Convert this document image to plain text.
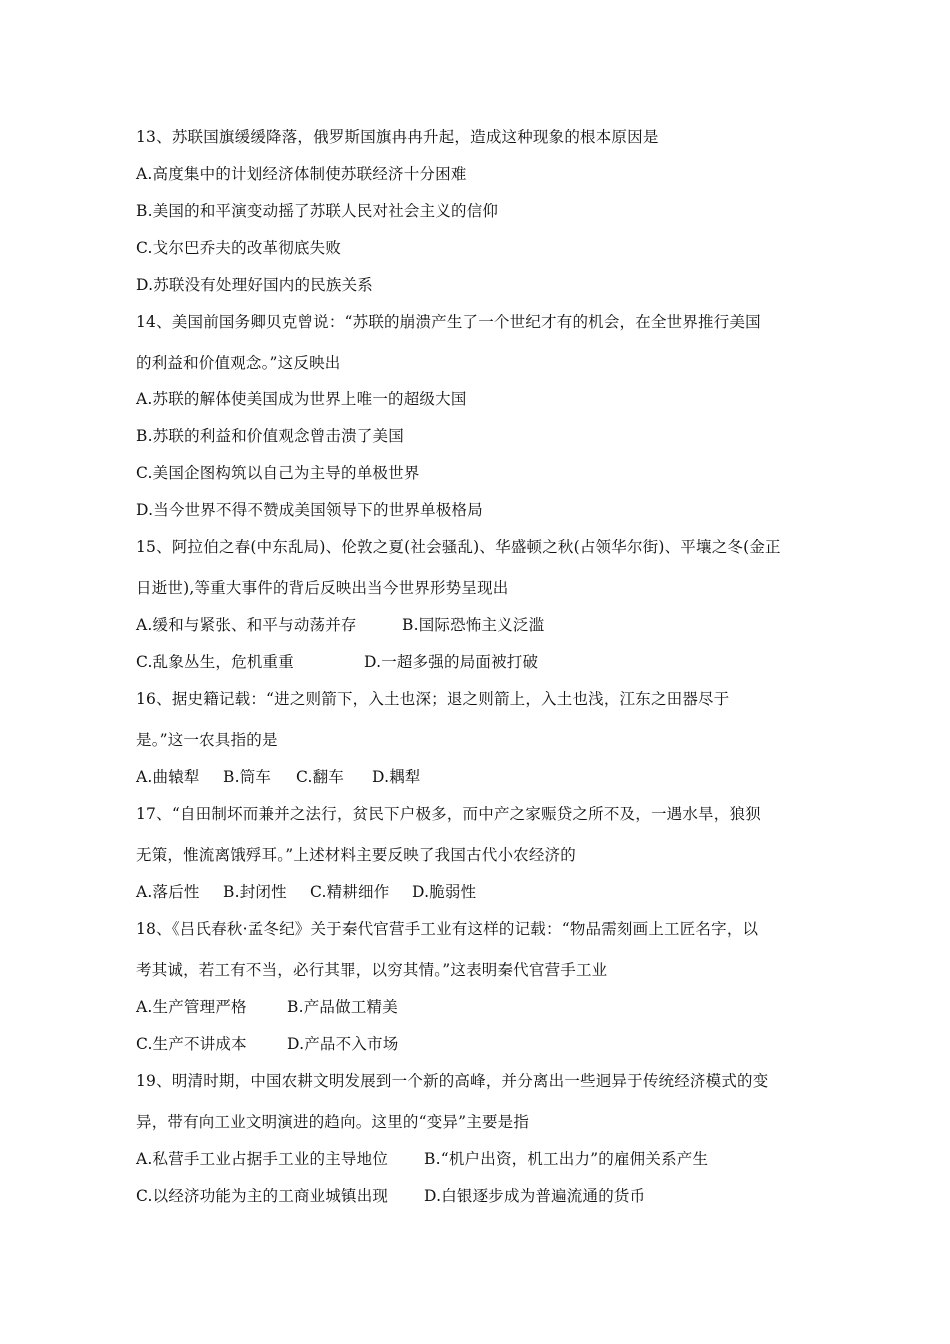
13、苏联国旗缓缓降落，俄罗斯国旗冉冉升起，造成这种现象的根本原因是
A.高度集中的计划经济体制使苏联经济十分困难
B.美国的和平演变动摇了苏联人民对社会主义的信仰
C.戈尔巴乔夫的改革彻底失败
D.苏联没有处理好国内的民族关系
14、美国前国务卿贝克曾说：“苏联的崩溃产生了一个世纪才有的机会，在全世界推行美国
的利益和价值观念。”这反映出
A.苏联的解体使美国成为世界上唯一的超级大国
B.苏联的利益和价值观念曾击溃了美国
C.美国企图构筑以自己为主导的单极世界
D.当今世界不得不赞成美国领导下的世界单极格局
15、阿拉伯之春(中东乱局)、伦敦之夏(社会骚乱)、华盛顿之秋(占领华尔街)、平壤之冬(金正
日逝世),等重大事件的背后反映出当今世界形势呈现出
A.缓和与紧张、和平与动荡并存	B.国际恐怖主义泛滥
C.乱象丛生，危机重重	D.一超多强的局面被打破
16、据史籍记载：“进之则箭下，入土也深；退之则箭上，入土也浅，江东之田器尽于
是。”这一农具指的是
A.曲辕犁 B.筒车 C.翻车 D.耦犁
17、“自田制坏而兼并之法行，贫民下户极多，而中产之家赈贷之所不及，一遇水旱，狼狈
无策，惟流离饿殍耳。”上述材料主要反映了我国古代小农经济的
A.落后性 B.封闭性 C.精耕细作 D.脆弱性
18、《吕氏春秋·孟冬纪》关于秦代官营手工业有这样的记载：“物品需刻画上工匠名字，以
考其诚，若工有不当，必行其罪，以穷其情。”这表明秦代官营手工业
A.生产管理严格	B.产品做工精美
C.生产不讲成本	D.产品不入市场
19、明清时期，中国农耕文明发展到一个新的高峰，并分离出一些迥异于传统经济模式的变
异，带有向工业文明演进的趋向。这里的“变异”主要是指
A.私营手工业占据手工业的主导地位 B.“机户出资，机工出力”的雇佣关系产生
C.以经济功能为主的工商业城镇出现 D.白银逐步成为普遍流通的货币
